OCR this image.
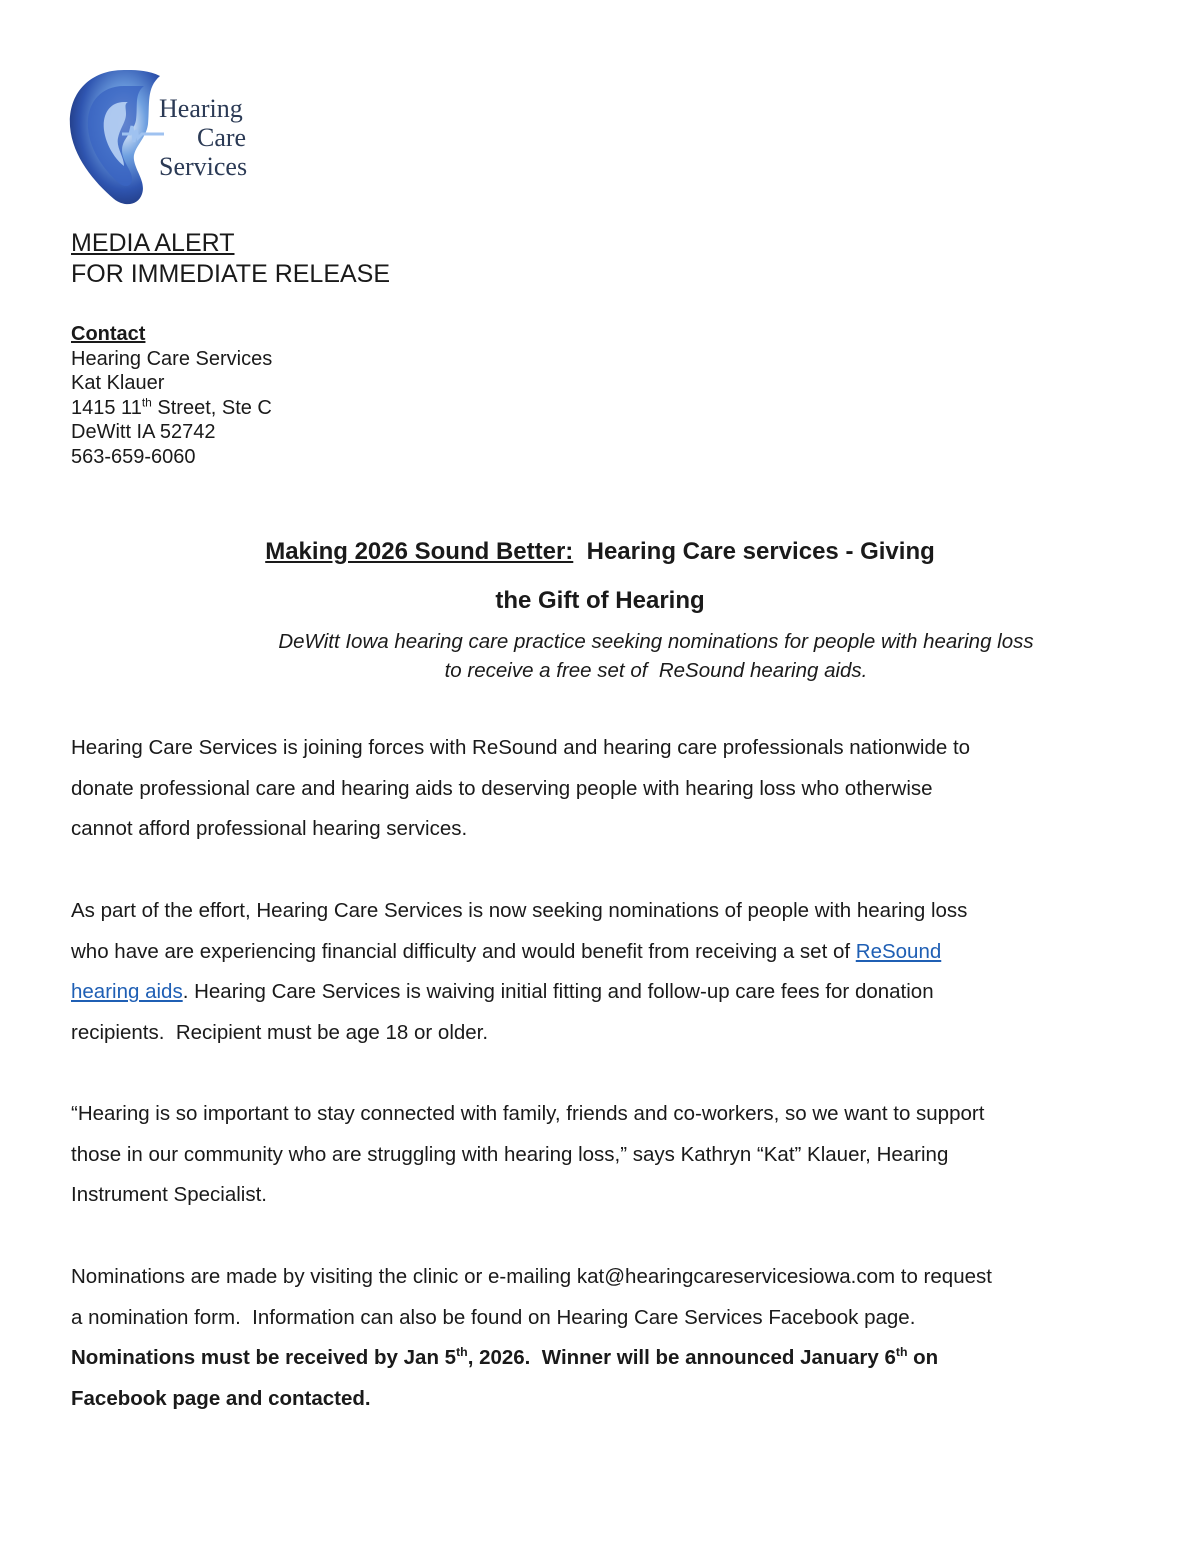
Hearing
Care
Services
MEDIA ALERT
FOR IMMEDIATE RELEASE
Contact
Hearing Care Services
Kat Klauer
1415 11th Street, Ste C
DeWitt IA 52742
563-659-6060
Making 2026 Sound Better:  Hearing Care services - Giving
the Gift of Hearing
DeWitt Iowa hearing care practice seeking nominations for people with hearing loss
to receive a free set of  ReSound hearing aids.
Hearing Care Services is joining forces with ReSound and hearing care professionals nationwide to
donate professional care and hearing aids to deserving people with hearing loss who otherwise
cannot afford professional hearing services.
As part of the effort, Hearing Care Services is now seeking nominations of people with hearing loss
who have are experiencing financial difficulty and would benefit from receiving a set of ReSound
hearing aids. Hearing Care Services is waiving initial fitting and follow-up care fees for donation
recipients.  Recipient must be age 18 or older.
“Hearing is so important to stay connected with family, friends and co-workers, so we want to support
those in our community who are struggling with hearing loss,” says Kathryn “Kat” Klauer, Hearing
Instrument Specialist.
Nominations are made by visiting the clinic or e-mailing kat@hearingcareservicesiowa.com to request
a nomination form.  Information can also be found on Hearing Care Services Facebook page.
Nominations must be received by Jan 5th, 2026.  Winner will be announced January 6th on
Facebook page and contacted.
